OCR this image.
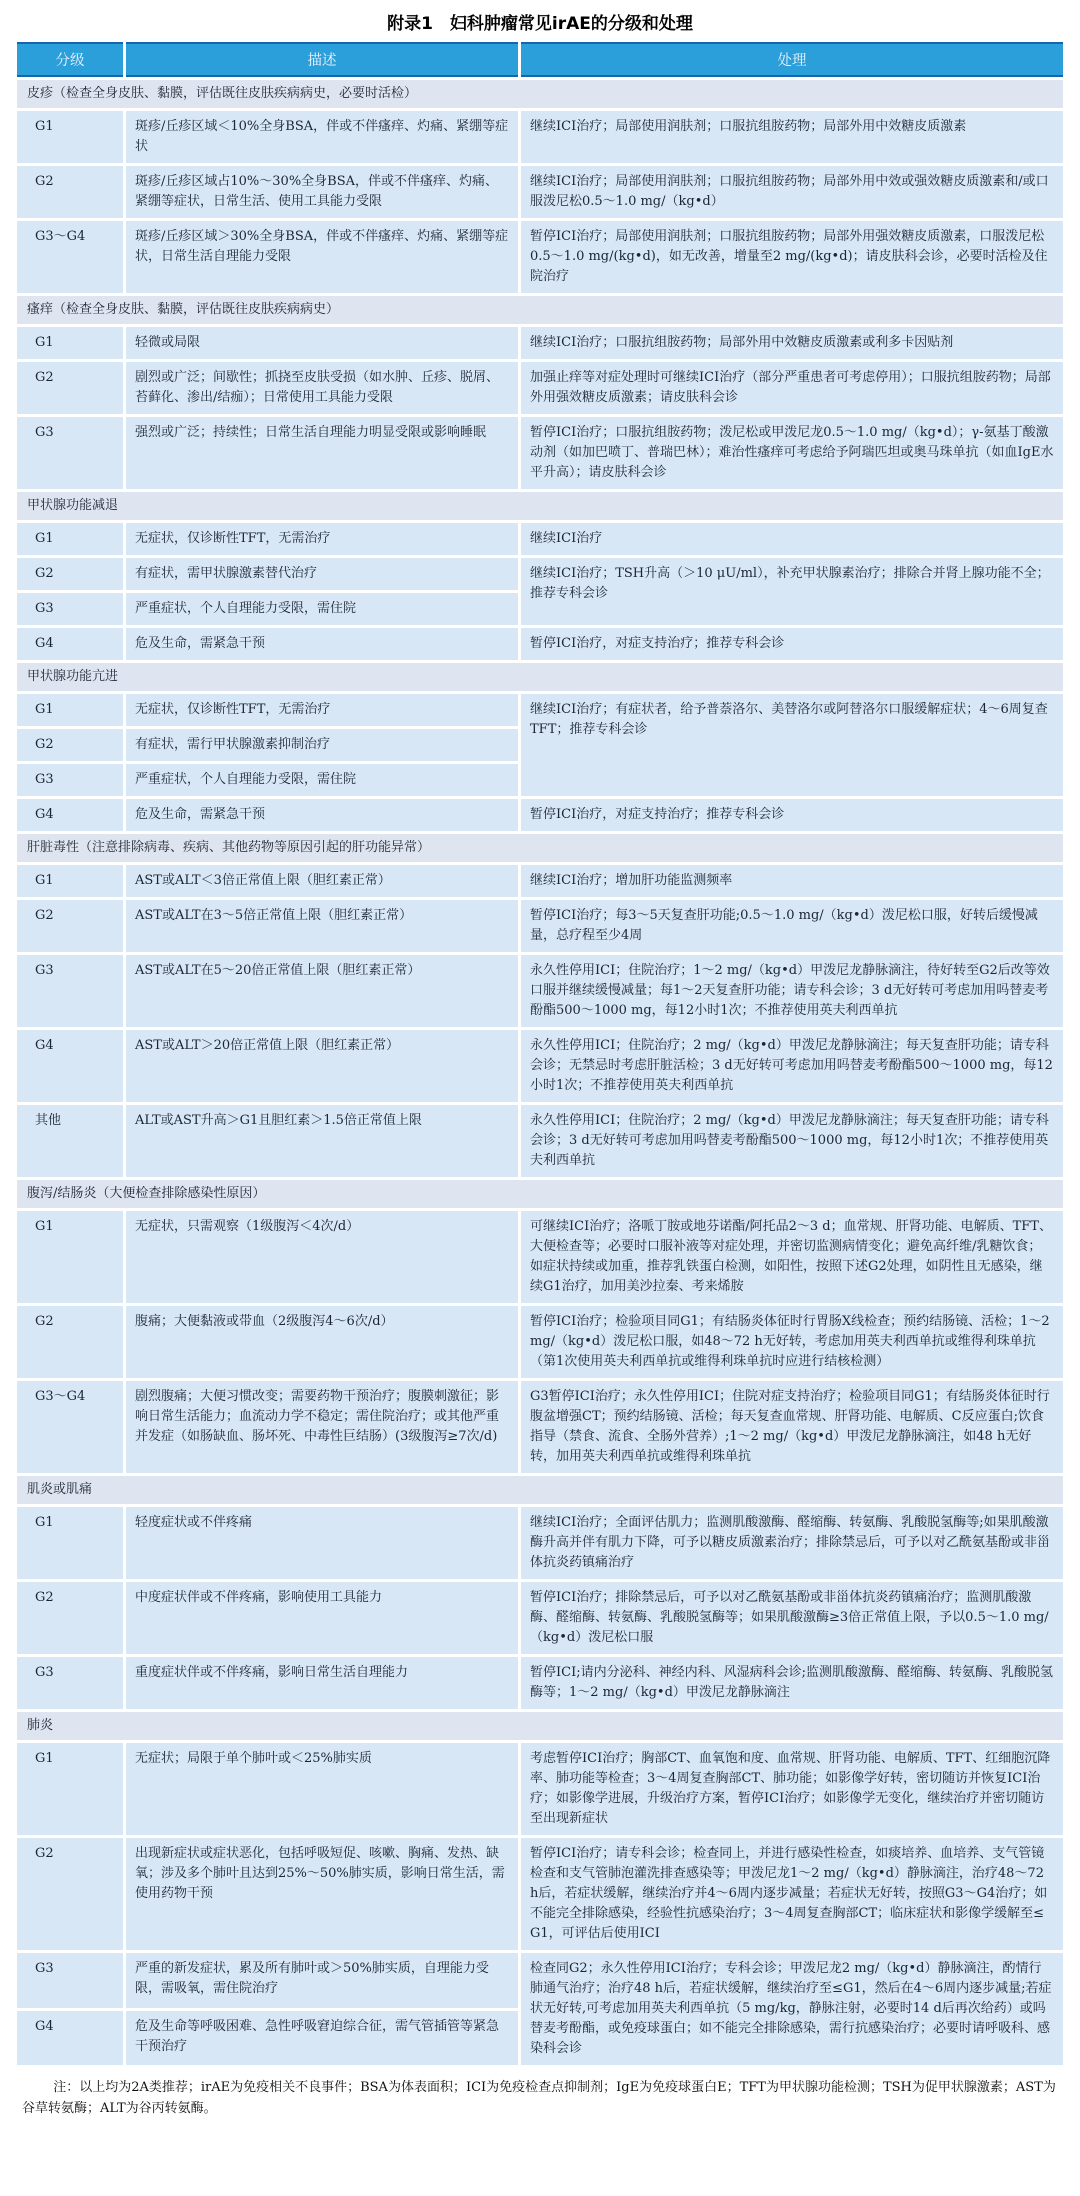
附录1　妇科肿瘤常见irAE的分级和处理
分级	描述	处理
皮疹（检查全身皮肤、黏膜，评估既往皮肤疾病病史，必要时活检）		
G1	斑疹/丘疹区域＜10%全身BSA，伴或不伴瘙痒、灼痛、紧绷等症状	继续ICI治疗；局部使用润肤剂；口服抗组胺药物；局部外用中效糖皮质激素
G2	斑疹/丘疹区域占10%～30%全身BSA，伴或不伴瘙痒、灼痛、紧绷等症状，日常生活、使用工具能力受限	继续ICI治疗；局部使用润肤剂；口服抗组胺药物；局部外用中效或强效糖皮质激素和/或口服泼尼松0.5～1.0 mg/（kg•d）
G3～G4	斑疹/丘疹区域＞30%全身BSA，伴或不伴瘙痒、灼痛、紧绷等症状，日常生活自理能力受限	暂停ICI治疗；局部使用润肤剂；口服抗组胺药物；局部外用强效糖皮质激素，口服泼尼松0.5～1.0 mg/(kg•d)，如无改善，增量至2 mg/(kg•d)；请皮肤科会诊，必要时活检及住院治疗
瘙痒（检查全身皮肤、黏膜，评估既往皮肤疾病病史）		
G1	轻微或局限	继续ICI治疗；口服抗组胺药物；局部外用中效糖皮质激素或利多卡因贴剂
G2	剧烈或广泛；间歇性；抓挠至皮肤受损（如水肿、丘疹、脱屑、苔藓化、渗出/结痂）；日常使用工具能力受限	加强止痒等对症处理时可继续ICI治疗（部分严重患者可考虑停用）；口服抗组胺药物；局部外用强效糖皮质激素；请皮肤科会诊
G3	强烈或广泛；持续性；日常生活自理能力明显受限或影响睡眠	暂停ICI治疗；口服抗组胺药物；泼尼松或甲泼尼龙0.5～1.0 mg/（kg•d）；γ-氨基丁酸激动剂（如加巴喷丁、普瑞巴林）；难治性瘙痒可考虑给予阿瑞匹坦或奥马珠单抗（如血IgE水平升高）；请皮肤科会诊
甲状腺功能减退		
G1	无症状，仅诊断性TFT，无需治疗	继续ICI治疗
G2	有症状，需甲状腺激素替代治疗	继续ICI治疗；TSH升高（＞10 μU/ml），补充甲状腺素治疗；排除合并肾上腺功能不全；推荐专科会诊
G3	严重症状，个人自理能力受限，需住院	
G4	危及生命，需紧急干预	暂停ICI治疗，对症支持治疗；推荐专科会诊
甲状腺功能亢进		
G1	无症状，仅诊断性TFT，无需治疗	继续ICI治疗；有症状者，给予普萘洛尔、美替洛尔或阿替洛尔口服缓解症状；4～6周复查TFT；推荐专科会诊
G2	有症状，需行甲状腺激素抑制治疗	
G3	严重症状，个人自理能力受限，需住院	
G4	危及生命，需紧急干预	暂停ICI治疗，对症支持治疗；推荐专科会诊
肝脏毒性（注意排除病毒、疾病、其他药物等原因引起的肝功能异常）		
G1	AST或ALT＜3倍正常值上限（胆红素正常）	继续ICI治疗；增加肝功能监测频率
G2	AST或ALT在3～5倍正常值上限（胆红素正常）	暂停ICI治疗；每3～5天复查肝功能;0.5～1.0 mg/（kg•d）泼尼松口服，好转后缓慢减量，总疗程至少4周
G3	AST或ALT在5～20倍正常值上限（胆红素正常）	永久性停用ICI；住院治疗；1～2 mg/（kg•d）甲泼尼龙静脉滴注，待好转至G2后改等效口服并继续缓慢减量；每1～2天复查肝功能；请专科会诊；3 d无好转可考虑加用吗替麦考酚酯500～1000 mg，每12小时1次；不推荐使用英夫利西单抗
G4	AST或ALT＞20倍正常值上限（胆红素正常）	永久性停用ICI；住院治疗；2 mg/（kg•d）甲泼尼龙静脉滴注；每天复查肝功能；请专科会诊；无禁忌时考虑肝脏活检；3 d无好转可考虑加用吗替麦考酚酯500～1000 mg，每12小时1次；不推荐使用英夫利西单抗
其他	ALT或AST升高＞G1且胆红素＞1.5倍正常值上限	永久性停用ICI；住院治疗；2 mg/（kg•d）甲泼尼龙静脉滴注；每天复查肝功能；请专科会诊；3 d无好转可考虑加用吗替麦考酚酯500～1000 mg，每12小时1次；不推荐使用英夫利西单抗
腹泻/结肠炎（大便检查排除感染性原因）		
G1	无症状，只需观察（1级腹泻＜4次/d）	可继续ICI治疗；洛哌丁胺或地芬诺酯/阿托品2～3 d；血常规、肝肾功能、电解质、TFT、大便检查等；必要时口服补液等对症处理，并密切监测病情变化；避免高纤维/乳糖饮食；如症状持续或加重，推荐乳铁蛋白检测，如阳性，按照下述G2处理，如阴性且无感染，继续G1治疗，加用美沙拉秦、考来烯胺
G2	腹痛；大便黏液或带血（2级腹泻4～6次/d）	暂停ICI治疗；检验项目同G1；有结肠炎体征时行胃肠X线检查；预约结肠镜、活检；1～2 mg/（kg•d）泼尼松口服，如48～72 h无好转，考虑加用英夫利西单抗或维得利珠单抗（第1次使用英夫利西单抗或维得利珠单抗时应进行结核检测）
G3～G4	剧烈腹痛；大便习惯改变；需要药物干预治疗；腹膜刺激征；影响日常生活能力；血流动力学不稳定；需住院治疗；或其他严重并发症（如肠缺血、肠坏死、中毒性巨结肠）(3级腹泻≥7次/d)	G3暂停ICI治疗；永久性停用ICI；住院对症支持治疗；检验项目同G1；有结肠炎体征时行腹盆增强CT；预约结肠镜、活检；每天复查血常规、肝肾功能、电解质、C反应蛋白;饮食指导（禁食、流食、全肠外营养）;1～2 mg/（kg•d）甲泼尼龙静脉滴注，如48 h无好转，加用英夫利西单抗或维得利珠单抗
肌炎或肌痛		
G1	轻度症状或不伴疼痛	继续ICI治疗；全面评估肌力；监测肌酸激酶、醛缩酶、转氨酶、乳酸脱氢酶等;如果肌酸激酶升高并伴有肌力下降，可予以糖皮质激素治疗；排除禁忌后，可予以对乙酰氨基酚或非甾体抗炎药镇痛治疗
G2	中度症状伴或不伴疼痛，影响使用工具能力	暂停ICI治疗；排除禁忌后，可予以对乙酰氨基酚或非甾体抗炎药镇痛治疗；监测肌酸激酶、醛缩酶、转氨酶、乳酸脱氢酶等；如果肌酸激酶≥3倍正常值上限，予以0.5～1.0 mg/（kg•d）泼尼松口服
G3	重度症状伴或不伴疼痛，影响日常生活自理能力	暂停ICI;请内分泌科、神经内科、风湿病科会诊;监测肌酸激酶、醛缩酶、转氨酶、乳酸脱氢酶等；1～2 mg/（kg•d）甲泼尼龙静脉滴注
肺炎		
G1	无症状；局限于单个肺叶或＜25%肺实质	考虑暂停ICI治疗；胸部CT、血氧饱和度、血常规、肝肾功能、电解质、TFT、红细胞沉降率、肺功能等检查；3～4周复查胸部CT、肺功能；如影像学好转，密切随访并恢复ICI治疗；如影像学进展，升级治疗方案，暂停ICI治疗；如影像学无变化，继续治疗并密切随访至出现新症状
G2	出现新症状或症状恶化，包括呼吸短促、咳嗽、胸痛、发热、缺氧；涉及多个肺叶且达到25%～50%肺实质，影响日常生活，需使用药物干预	暂停ICI治疗；请专科会诊；检查同上，并进行感染性检查，如痰培养、血培养、支气管镜检查和支气管肺泡灌洗排查感染等；甲泼尼龙1～2 mg/（kg•d）静脉滴注，治疗48～72 h后，若症状缓解，继续治疗并4～6周内逐步减量；若症状无好转，按照G3～G4治疗；如不能完全排除感染，经验性抗感染治疗；3～4周复查胸部CT；临床症状和影像学缓解至≤G1，可评估后使用ICI
G3	严重的新发症状，累及所有肺叶或＞50%肺实质，自理能力受限，需吸氧，需住院治疗	检查同G2；永久性停用ICI治疗；专科会诊；甲泼尼龙2 mg/（kg•d）静脉滴注，酌情行肺通气治疗；治疗48 h后，若症状缓解，继续治疗至≤G1，然后在4～6周内逐步减量;若症状无好转,可考虑加用英夫利西单抗（5 mg/kg，静脉注射，必要时14 d后再次给药）或吗替麦考酚酯，或免疫球蛋白；如不能完全排除感染，需行抗感染治疗；必要时请呼吸科、感染科会诊
G4	危及生命等呼吸困难、急性呼吸窘迫综合征，需气管插管等紧急干预治疗	
注：以上均为2A类推荐；irAE为免疫相关不良事件；BSA为体表面积；ICI为免疫检查点抑制剂；IgE为免疫球蛋白E；TFT为甲状腺功能检测；TSH为促甲状腺激素；AST为谷草转氨酶；ALT为谷丙转氨酶。
